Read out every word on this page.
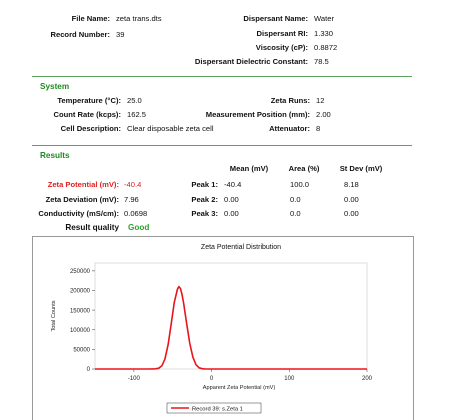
File Name: zeta trans.dts
Record Number: 39
Dispersant Name: Water
Dispersant RI: 1.330
Viscosity (cP): 0.8872
Dispersant Dielectric Constant: 78.5
System
Temperature (°C): 25.0
Count Rate (kcps): 162.5
Cell Description: Clear disposable zeta cell
Zeta Runs: 12
Measurement Position (mm): 2.00
Attenuator: 8
Results
Mean (mV)	Area (%)	St Dev (mV)
Zeta Potential (mV): -40.4
Zeta Deviation (mV): 7.96
Conductivity (mS/cm): 0.0698
Result quality Good
Peak 1: -40.4	100.0	8.18
Peak 2: 0.00	0.0	0.00
Peak 3: 0.00	0.0	0.00
Zeta Potential Distribution
0
50000
100000
150000
200000
250000
-100	0	100	200
Apparent Zeta Potential (mV)
Total Counts
Record 39: s.Zeta 1
